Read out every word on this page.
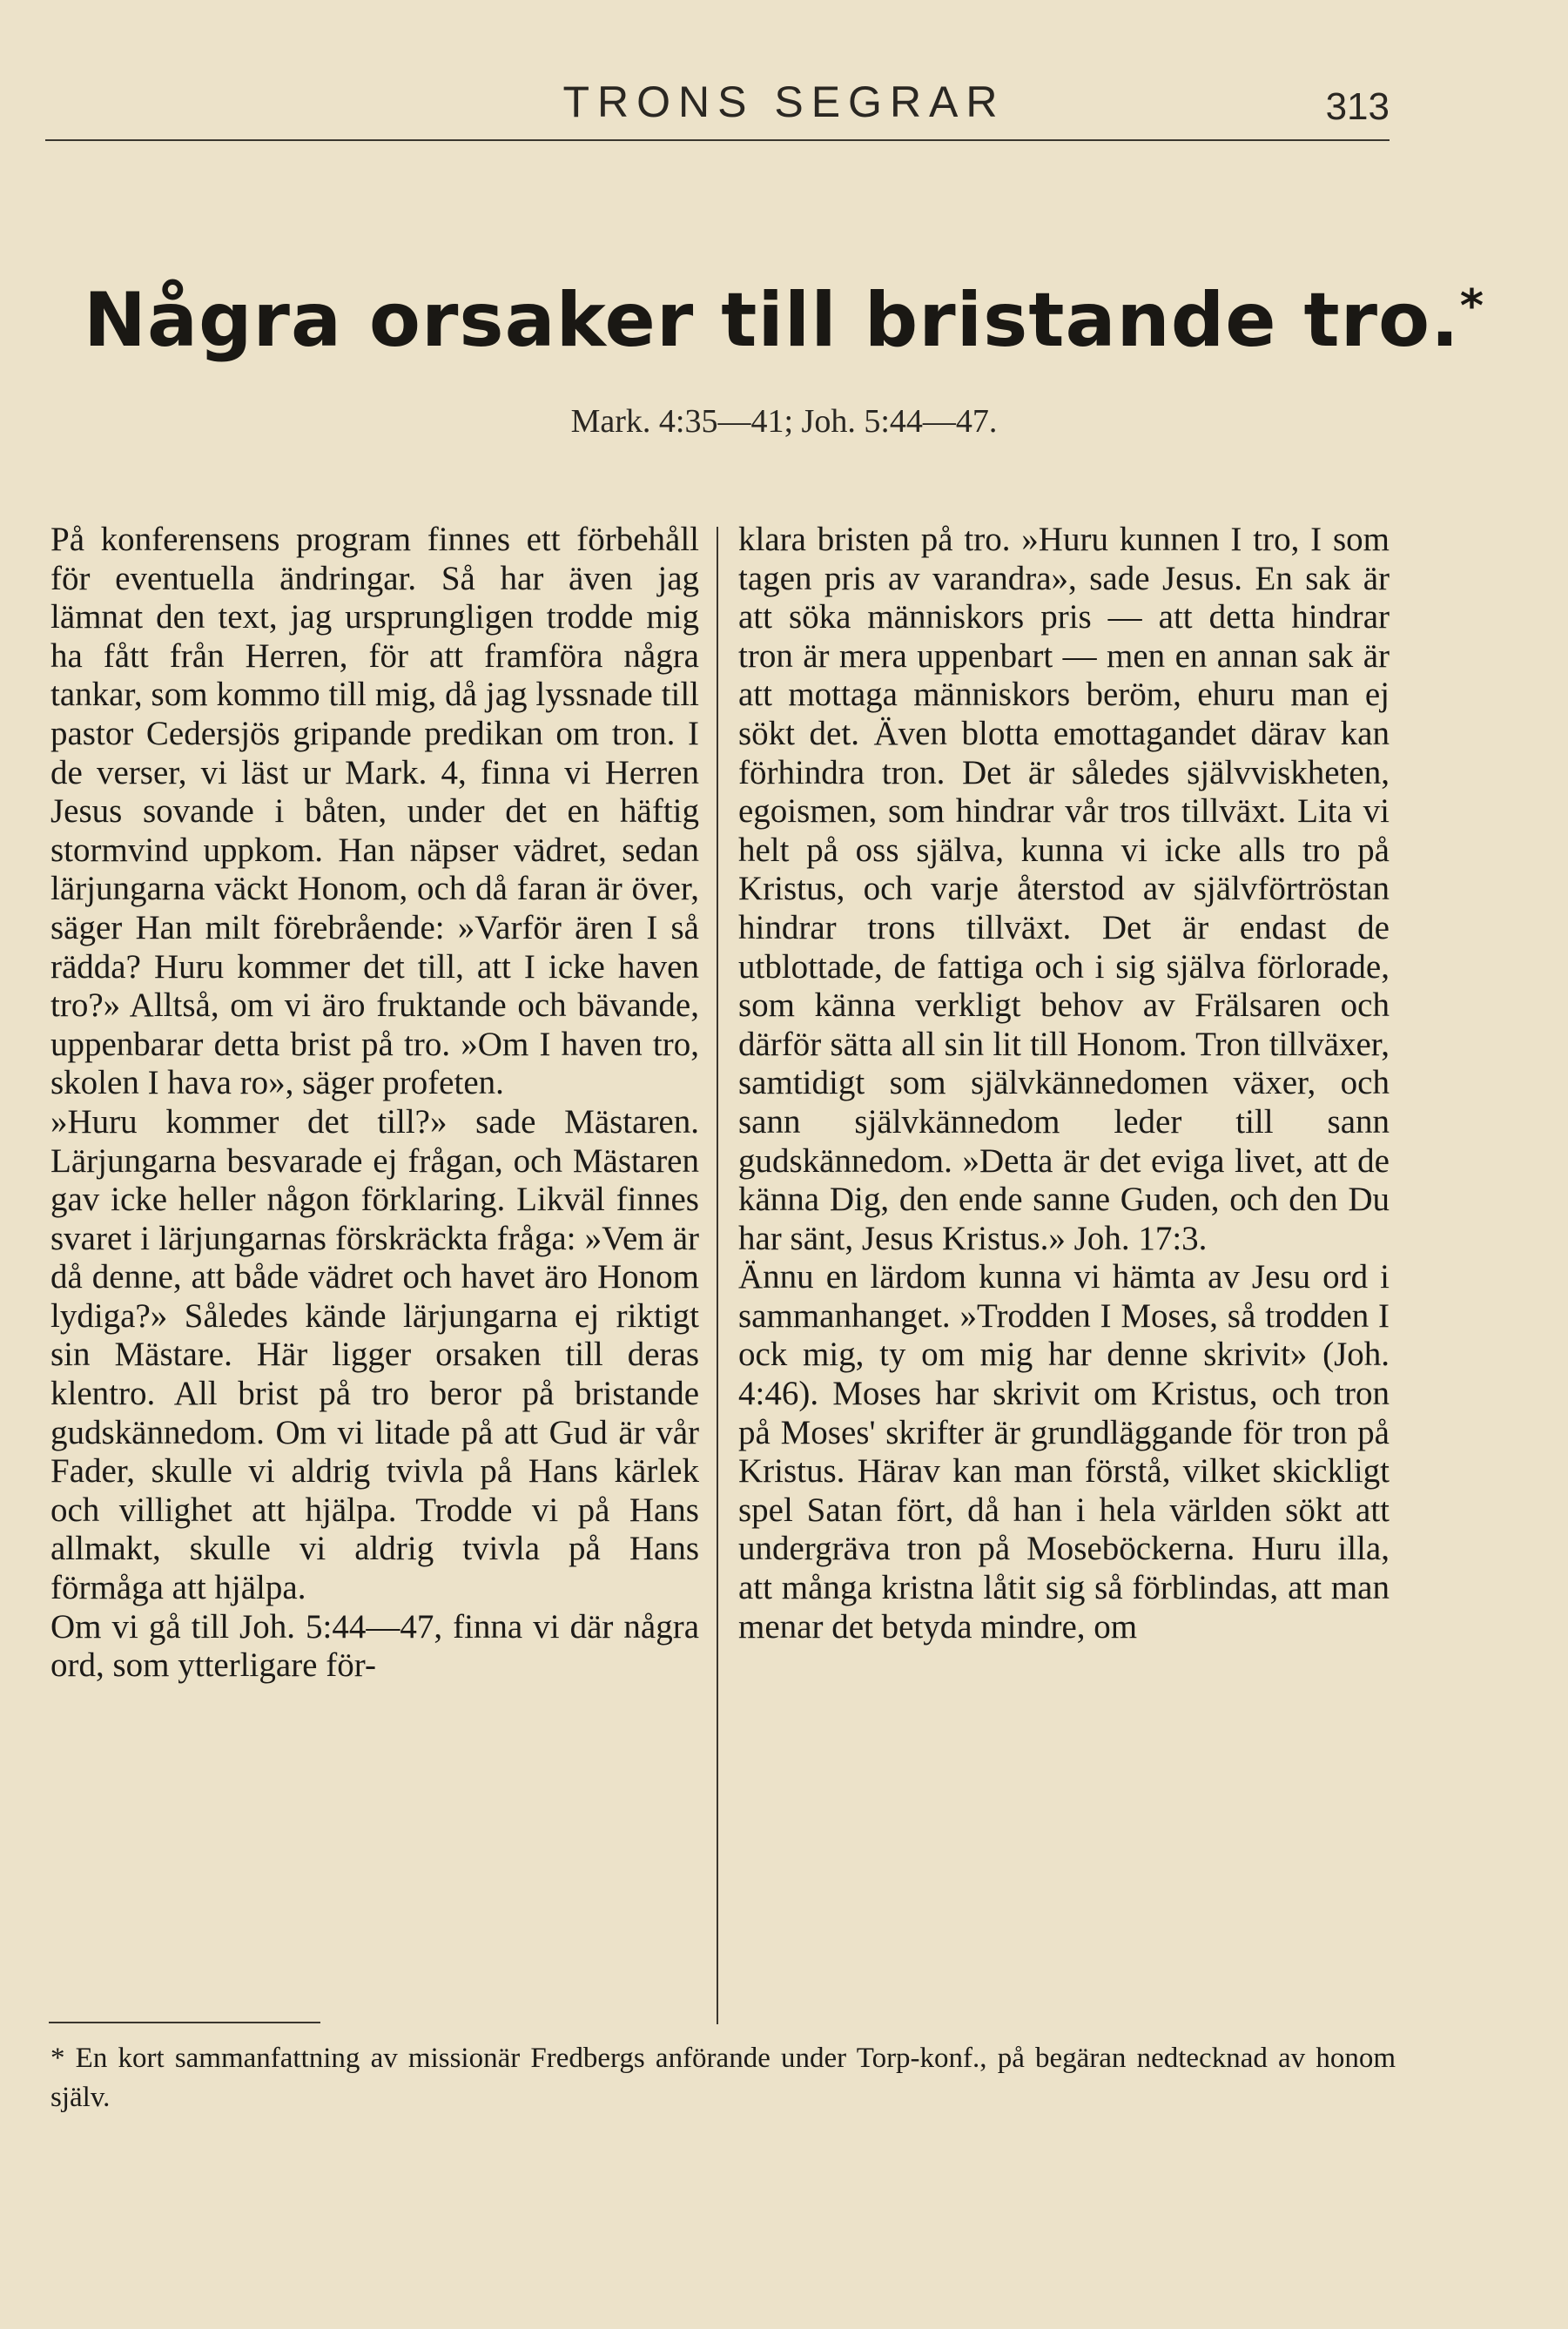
TRONS SEGRAR	313
Några orsaker till bristande tro.*
Mark. 4:35—41; Joh. 5:44—47.

På konferensens program finnes ett förbehåll för eventuella ändringar. Så har även jag lämnat den text, jag ursprungligen trodde mig ha fått från Herren, för att framföra några tankar, som kommo till mig, då jag lyssnade till pastor Cedersjös gripande predikan om tron. I de verser, vi läst ur Mark. 4, finna vi Herren Jesus sovande i båten, under det en häftig stormvind uppkom. Han näpser vädret, sedan lärjungarna väckt Honom, och då faran är över, säger Han milt förebrående: »Varför ären I så rädda? Huru kommer det till, att I icke haven tro?» Alltså, om vi äro fruktande och bävande, uppenbarar detta brist på tro. »Om I haven tro, skolen I hava ro», säger profeten.

»Huru kommer det till?» sade Mästaren. Lärjungarna besvarade ej frågan, och Mästaren gav icke heller någon förklaring. Likväl finnes svaret i lärjungarnas förskräckta fråga: »Vem är då denne, att både vädret och havet äro Honom lydiga?» Således kände lärjungarna ej riktigt sin Mästare. Här ligger orsaken till deras klentro. All brist på tro beror på bristande gudskännedom. Om vi litade på att Gud är vår Fader, skulle vi aldrig tvivla på Hans kärlek och villighet att hjälpa. Trodde vi på Hans allmakt, skulle vi aldrig tvivla på Hans förmåga att hjälpa.

Om vi gå till Joh. 5:44—47, finna vi där några ord, som ytterligare för-

klara bristen på tro. »Huru kunnen I tro, I som tagen pris av varandra», sade Jesus. En sak är att söka människors pris — att detta hindrar tron är mera uppenbart — men en annan sak är att mottaga människors beröm, ehuru man ej sökt det. Även blotta emottagandet därav kan förhindra tron. Det är således självviskheten, egoismen, som hindrar vår tros tillväxt. Lita vi helt på oss själva, kunna vi icke alls tro på Kristus, och varje återstod av självförtröstan hindrar trons tillväxt. Det är endast de utblottade, de fattiga och i sig själva förlorade, som känna verkligt behov av Frälsaren och därför sätta all sin lit till Honom. Tron tillväxer, samtidigt som självkännedomen växer, och sann självkännedom leder till sann gudskännedom. »Detta är det eviga livet, att de känna Dig, den ende sanne Guden, och den Du har sänt, Jesus Kristus.» Joh. 17:3.

Ännu en lärdom kunna vi hämta av Jesu ord i sammanhanget. »Trodden I Moses, så trodden I ock mig, ty om mig har denne skrivit» (Joh. 4:46). Moses har skrivit om Kristus, och tron på Moses' skrifter är grundläggande för tron på Kristus. Härav kan man förstå, vilket skickligt spel Satan fört, då han i hela världen sökt att undergräva tron på Moseböckerna. Huru illa, att många kristna låtit sig så förblindas, att man menar det betyda mindre, om

* En kort sammanfattning av missionär Fredbergs anförande under Torp-konf., på begäran nedtecknad av honom själv.
